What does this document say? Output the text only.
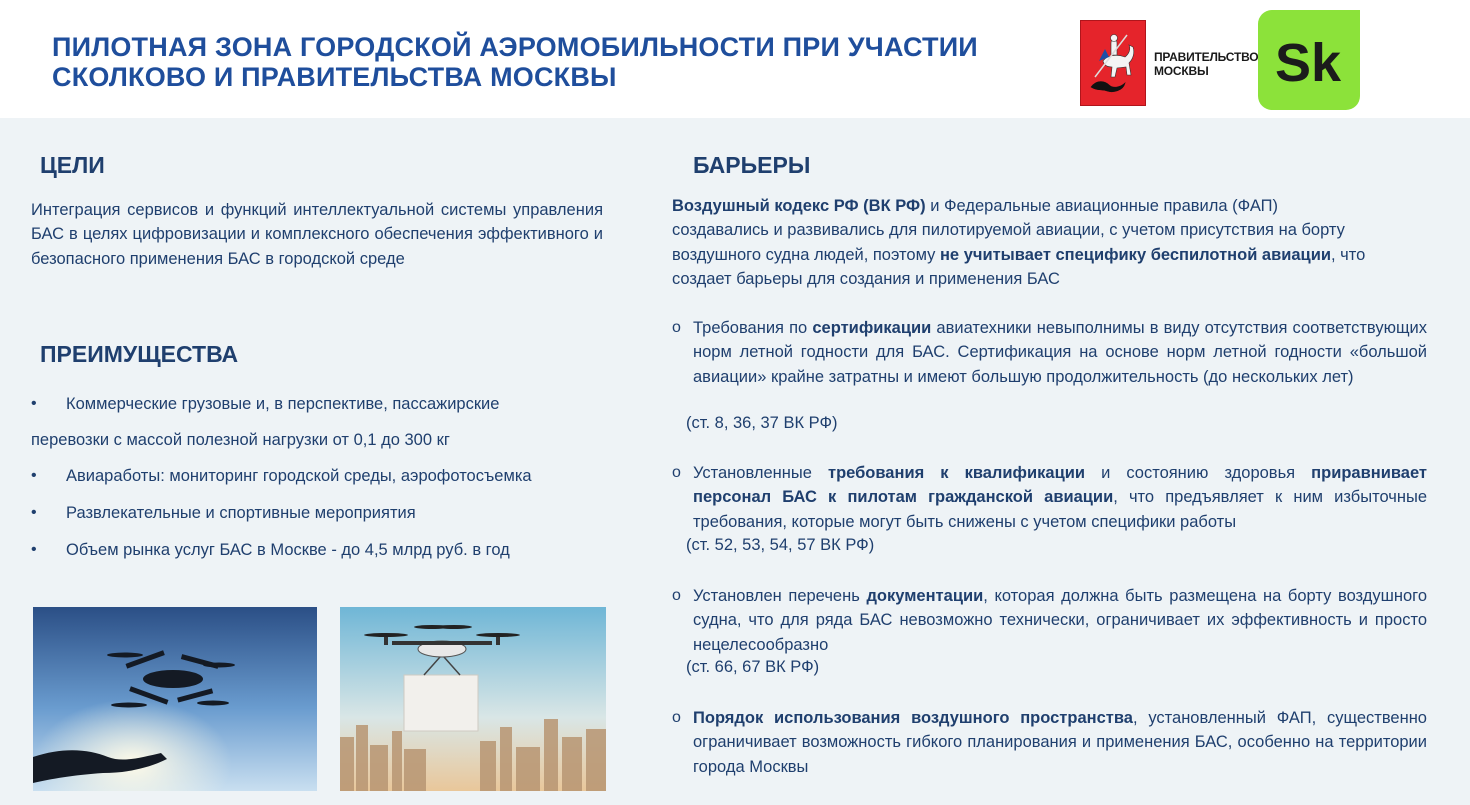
ПИЛОТНАЯ ЗОНА ГОРОДСКОЙ АЭРОМОБИЛЬНОСТИ ПРИ УЧАСТИИ
СКОЛКОВО И ПРАВИТЕЛЬСТВА МОСКВЫ
ПРАВИТЕЛЬСТВО
МОСКВЫ	Sk
ЦЕЛИ
Интеграция сервисов и функций интеллектуальной системы управления БАС в целях цифровизации и комплексного обеспечения эффективного и безопасного применения БАС в городской среде
ПРЕИМУЩЕСТВА
• Коммерческие грузовые и, в перспективе, пассажирские
перевозки с массой полезной нагрузки от 0,1 до 300 кг
• Авиаработы: мониторинг городской среды, аэрофотосъемка
• Развлекательные и спортивные мероприятия
• Объем рынка услуг БАС в Москве - до 4,5 млрд руб. в год
БАРЬЕРЫ
Воздушный кодекс РФ (ВК РФ) и Федеральные авиационные правила (ФАП) создавались и развивались для пилотируемой авиации, с учетом присутствия на борту воздушного судна людей, поэтому не учитывает специфику беспилотной авиации, что создает барьеры для создания и применения БАС
o Требования по сертификации авиатехники невыполнимы в виду отсутствия соответствующих норм летной годности для БАС. Сертификация на основе норм летной годности «большой авиации» крайне затратны и имеют большую продолжительность (до нескольких лет)
(ст. 8, 36, 37 ВК РФ)
o Установленные требования к квалификации и состоянию здоровья приравнивает персонал БАС к пилотам гражданской авиации, что предъявляет к ним избыточные требования, которые могут быть снижены с учетом специфики работы
(ст. 52, 53, 54, 57 ВК РФ)
o Установлен перечень документации, которая должна быть размещена на борту воздушного судна, что для ряда БАС невозможно технически, ограничивает их эффективность и просто нецелесообразно
(ст. 66, 67 ВК РФ)
o Порядок использования воздушного пространства, установленный ФАП, существенно ограничивает возможность гибкого планирования и применения БАС, особенно на территории города Москвы
